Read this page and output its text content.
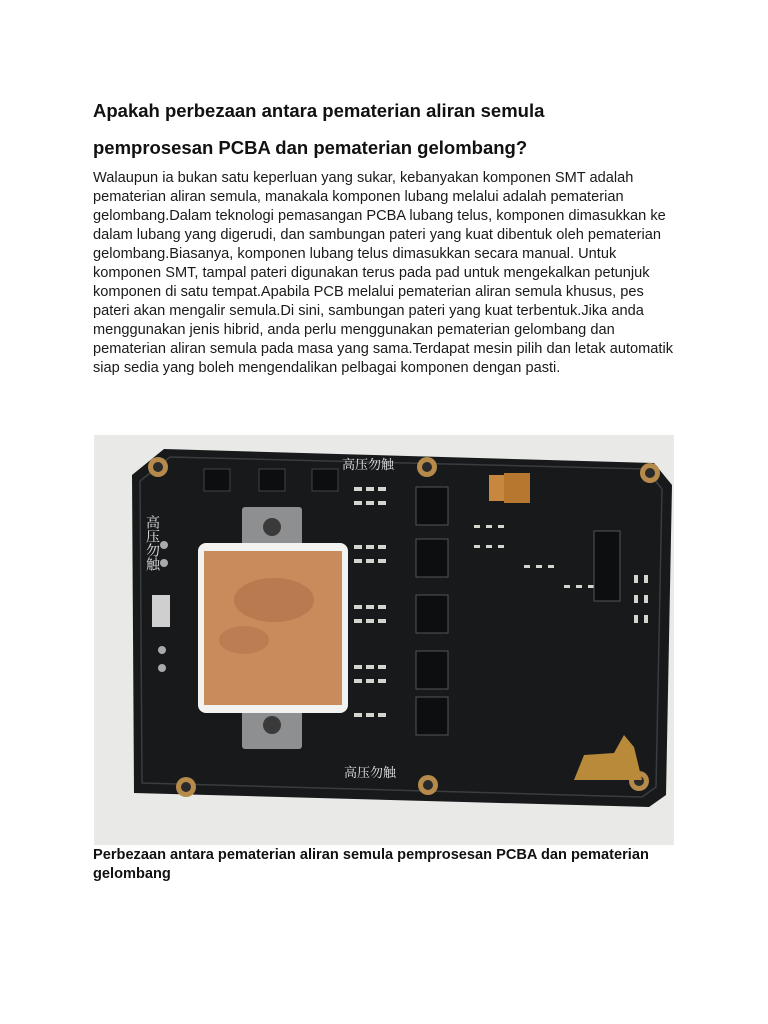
Apakah perbezaan antara pematerian aliran semula
pemprosesan PCBA dan pematerian gelombang?

Walaupun ia bukan satu keperluan yang sukar, kebanyakan komponen SMT adalah pematerian aliran semula, manakala komponen lubang melalui adalah pematerian gelombang.Dalam teknologi pemasangan PCBA lubang telus, komponen dimasukkan ke dalam lubang yang digerudi, dan sambungan pateri yang kuat dibentuk oleh pematerian gelombang.Biasanya, komponen lubang telus dimasukkan secara manual. Untuk komponen SMT, tampal pateri digunakan terus pada pad untuk mengekalkan petunjuk komponen di satu tempat.Apabila PCB melalui pematerian aliran semula khusus, pes pateri akan mengalir semula.Di sini, sambungan pateri yang kuat terbentuk.Jika anda menggunakan jenis hibrid, anda perlu menggunakan pematerian gelombang dan pematerian aliran semula pada masa yang sama.Terdapat mesin pilih dan letak automatik siap sedia yang boleh mengendalikan pelbagai komponen dengan pasti.

高压勿触
高压勿触
高压勿触
Perbezaan antara pematerian aliran semula pemprosesan PCBA dan pematerian gelombang
